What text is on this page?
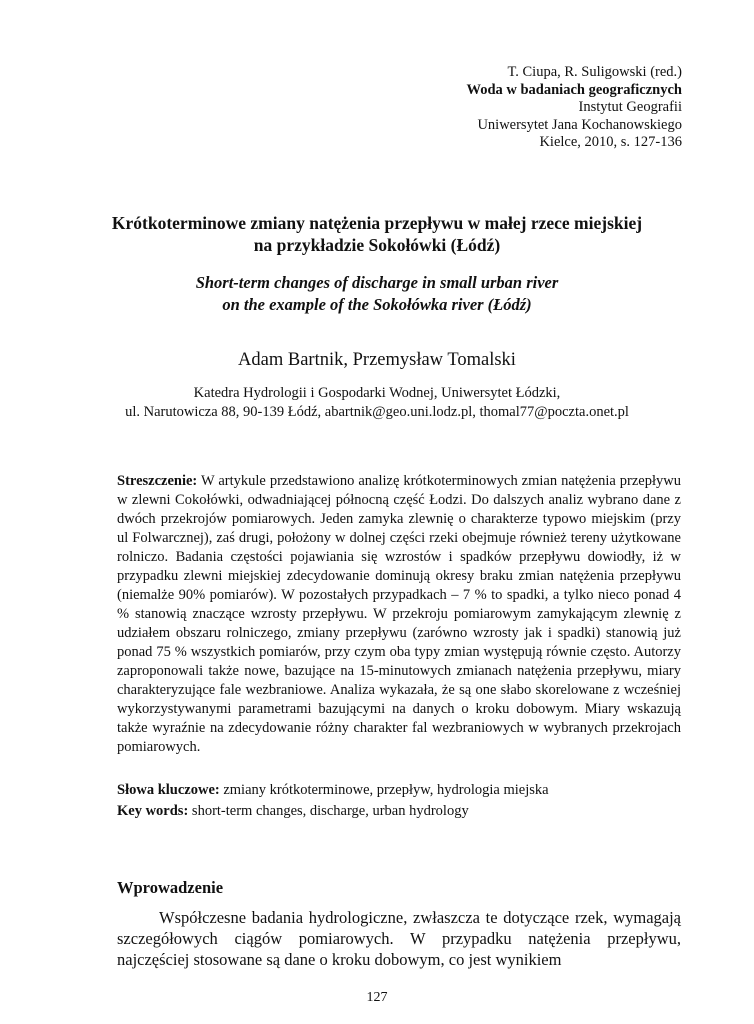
T. Ciupa, R. Suligowski (red.)
Woda w badaniach geograficznych
Instytut Geografii
Uniwersytet Jana Kochanowskiego
Kielce, 2010, s. 127-136
Krótkoterminowe zmiany natężenia przepływu w małej rzece miejskiej
na przykładzie Sokołówki (Łódź)
Short-term changes of discharge in small urban river
on the example of the Sokołówka river (Łódź)
Adam Bartnik, Przemysław Tomalski
Katedra Hydrologii i Gospodarki Wodnej, Uniwersytet Łódzki,
ul. Narutowicza 88, 90-139 Łódź, abartnik@geo.uni.lodz.pl, thomal77@poczta.onet.pl
Streszczenie: W artykule przedstawiono analizę krótkoterminowych zmian natężenia przepływu w zlewni Cokołówki, odwadniającej północną część Łodzi. Do dalszych analiz wybrano dane z dwóch przekrojów pomiarowych. Jeden zamyka zlewnię o charakterze typowo miejskim (przy ul Folwarcznej), zaś drugi, położony w dolnej części rzeki obejmuje również tereny użytkowane rolniczo. Badania częstości pojawiania się wzrostów i spadków przepływu dowiodły, iż w przypadku zlewni miejskiej zdecydowanie dominują okresy braku zmian natężenia przepływu (niemalże 90% pomiarów). W pozostałych przypadkach – 7 % to spadki, a tylko nieco ponad 4 % stanowią znaczące wzrosty przepływu. W przekroju pomiarowym zamykającym zlewnię z udziałem obszaru rolniczego, zmiany przepływu (zarówno wzrosty jak i spadki) stanowią już ponad 75 % wszystkich pomiarów, przy czym oba typy zmian występują równie często. Autorzy zaproponowali także nowe, bazujące na 15-minutowych zmianach natężenia przepływu, miary charakteryzujące fale wezbraniowe. Analiza wykazała, że są one słabo skorelowane z wcześniej wykorzystywanymi parametrami bazującymi na danych o kroku dobowym. Miary wskazują także wyraźnie na zdecydowanie różny charakter fal wezbraniowych w wybranych przekrojach pomiarowych.
Słowa kluczowe: zmiany krótkoterminowe, przepływ, hydrologia miejska
Key words: short-term changes, discharge, urban hydrology
Wprowadzenie
Współczesne badania hydrologiczne, zwłaszcza te dotyczące rzek, wymagają szczegółowych ciągów pomiarowych. W przypadku natężenia przepływu, najczęściej stosowane są dane o kroku dobowym, co jest wynikiem
127
